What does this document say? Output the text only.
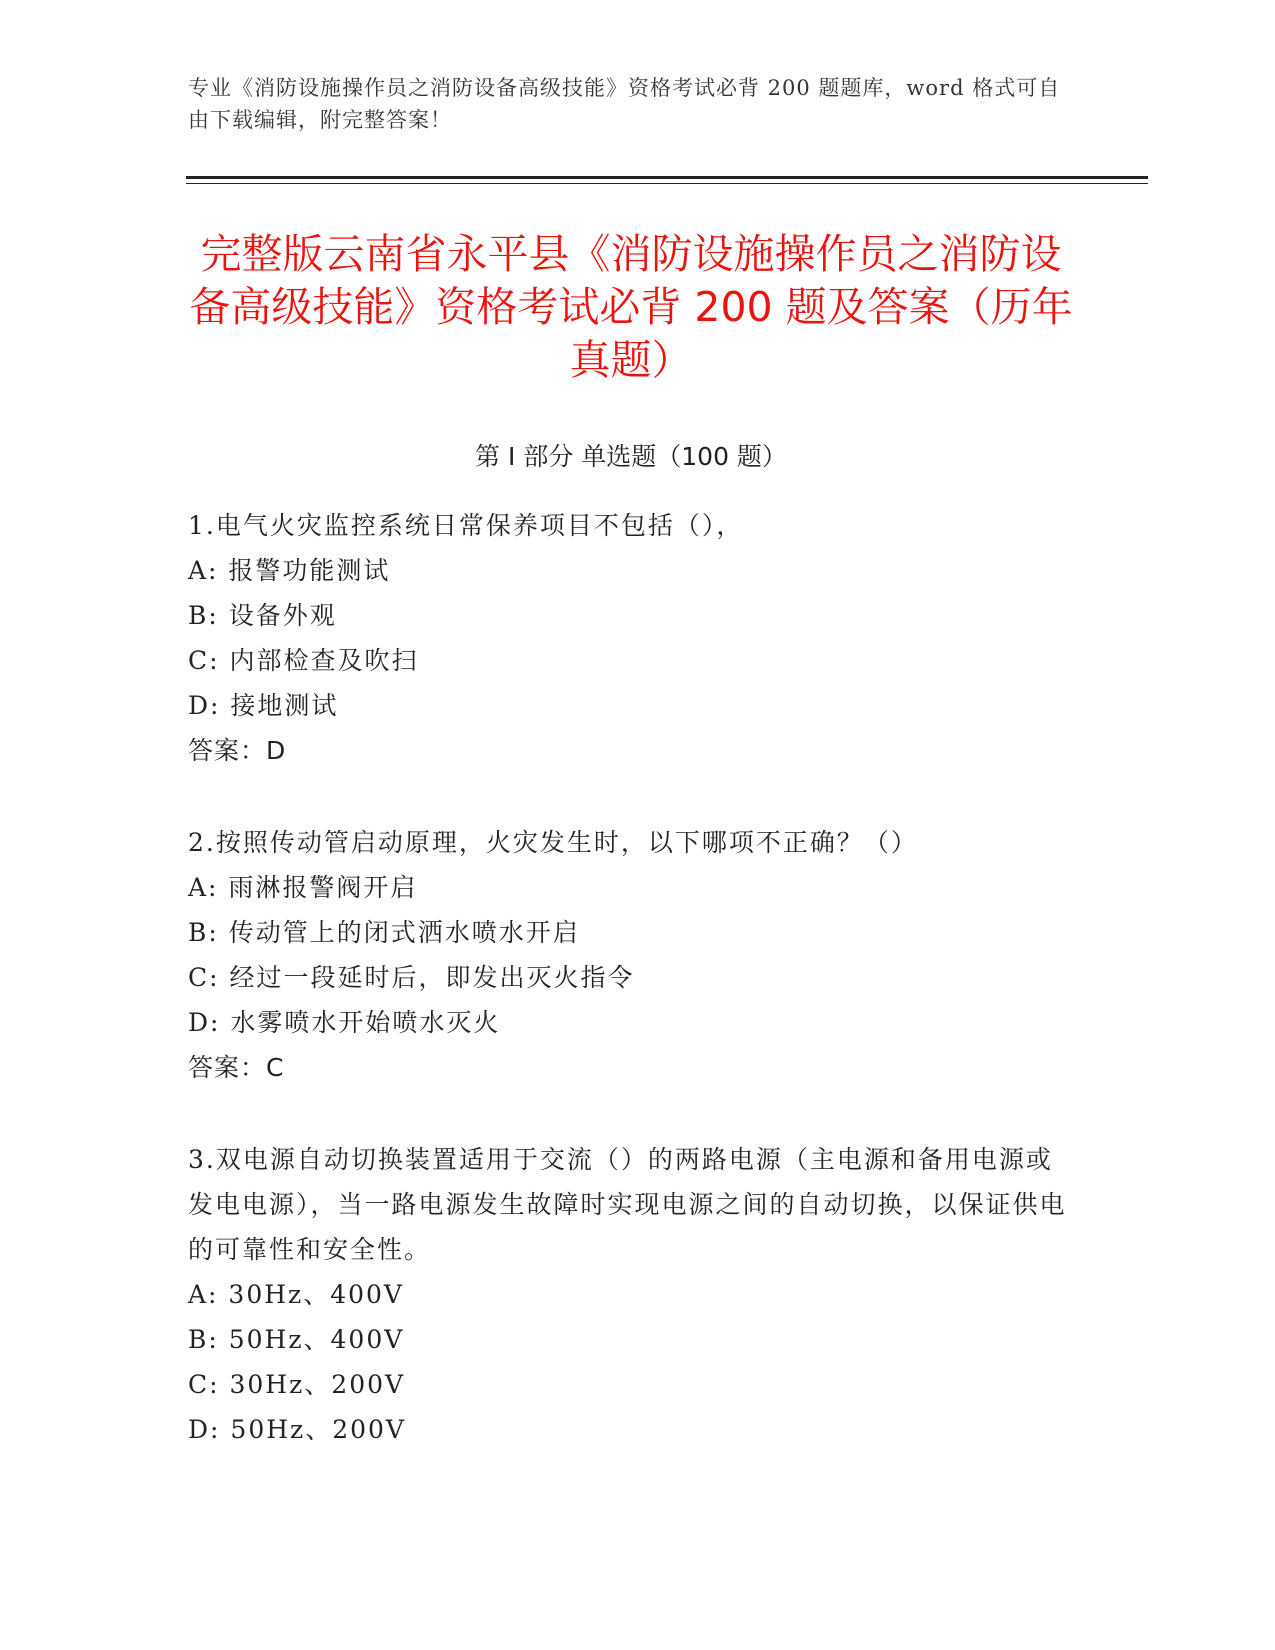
专业《消防设施操作员之消防设备高级技能》资格考试必背 200 题题库，word 格式可自由下载编辑，附完整答案！
完整版云南省永平县《消防设施操作员之消防设备高级技能》资格考试必背 200 题及答案（历年真题）
第 I 部分 单选题（100 题）
1.电气火灾监控系统日常保养项目不包括（），
A: 报警功能测试
B: 设备外观
C: 内部检查及吹扫
D: 接地测试
答案：D
2.按照传动管启动原理，火灾发生时，以下哪项不正确？（）
A: 雨淋报警阀开启
B: 传动管上的闭式洒水喷水开启
C: 经过一段延时后，即发出灭火指令
D: 水雾喷水开始喷水灭火
答案：C
3.双电源自动切换装置适用于交流（）的两路电源（主电源和备用电源或发电电源），当一路电源发生故障时实现电源之间的自动切换，以保证供电的可靠性和安全性。
A: 30Hz、400V
B: 50Hz、400V
C: 30Hz、200V
D: 50Hz、200V
